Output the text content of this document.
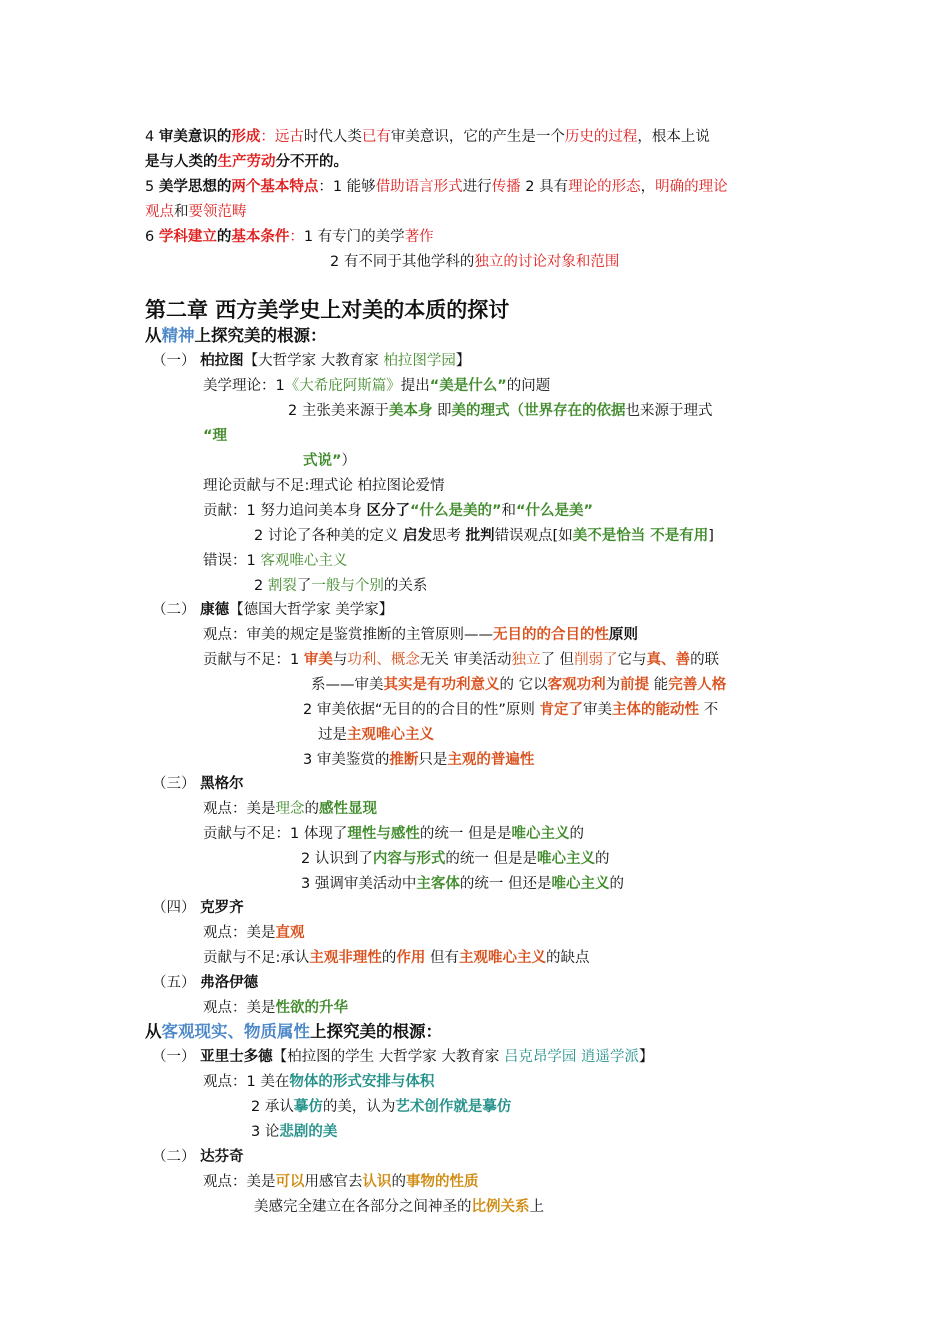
4 审美意识的形成：远古时代人类已有审美意识，它的产生是一个历史的过程，根本上说
是与人类的生产劳动分不开的。
5 美学思想的两个基本特点：1 能够借助语言形式进行传播 2 具有理论的形态，明确的理论
观点和要领范畴
6 学科建立的基本条件：1 有专门的美学著作
2 有不同于其他学科的独立的讨论对象和范围
第二章 西方美学史上对美的本质的探讨
从精神上探究美的根源：
（一） 柏拉图【大哲学家 大教育家 柏拉图学园】
美学理论：1《大希庇阿斯篇》提出“美是什么”的问题
2 主张美来源于美本身 即美的理式（世界存在的依据也来源于理式
“理
式说”）
理论贡献与不足:理式论 柏拉图论爱情
贡献：1 努力追问美本身 区分了“什么是美的”和“什么是美”
2 讨论了各种美的定义 启发思考 批判错误观点[如美不是恰当 不是有用]
错误：1 客观唯心主义
2 割裂了一般与个别的关系
（二） 康德【德国大哲学家 美学家】
观点：审美的规定是鉴赏推断的主管原则——无目的的合目的性原则
贡献与不足：1 审美与功利、概念无关 审美活动独立了 但削弱了它与真、善的联
系——审美其实是有功利意义的 它以客观功利为前提 能完善人格
2 审美依据“无目的的合目的性”原则 肯定了审美主体的能动性 不
过是主观唯心主义
3 审美鉴赏的推断只是主观的普遍性
（三） 黑格尔
观点：美是理念的感性显现
贡献与不足：1 体现了理性与感性的统一 但是是唯心主义的
2 认识到了内容与形式的统一 但是是唯心主义的
3 强调审美活动中主客体的统一 但还是唯心主义的
（四） 克罗齐
观点：美是直观
贡献与不足:承认主观非理性的作用 但有主观唯心主义的缺点
（五） 弗洛伊德
观点：美是性欲的升华
从客观现实、物质属性上探究美的根源：
（一） 亚里士多德【柏拉图的学生 大哲学家 大教育家 吕克昂学园 逍遥学派】
观点：1 美在物体的形式安排与体积
2 承认摹仿的美，认为艺术创作就是摹仿
3 论悲剧的美
（二） 达芬奇
观点：美是可以用感官去认识的事物的性质
美感完全建立在各部分之间神圣的比例关系上
